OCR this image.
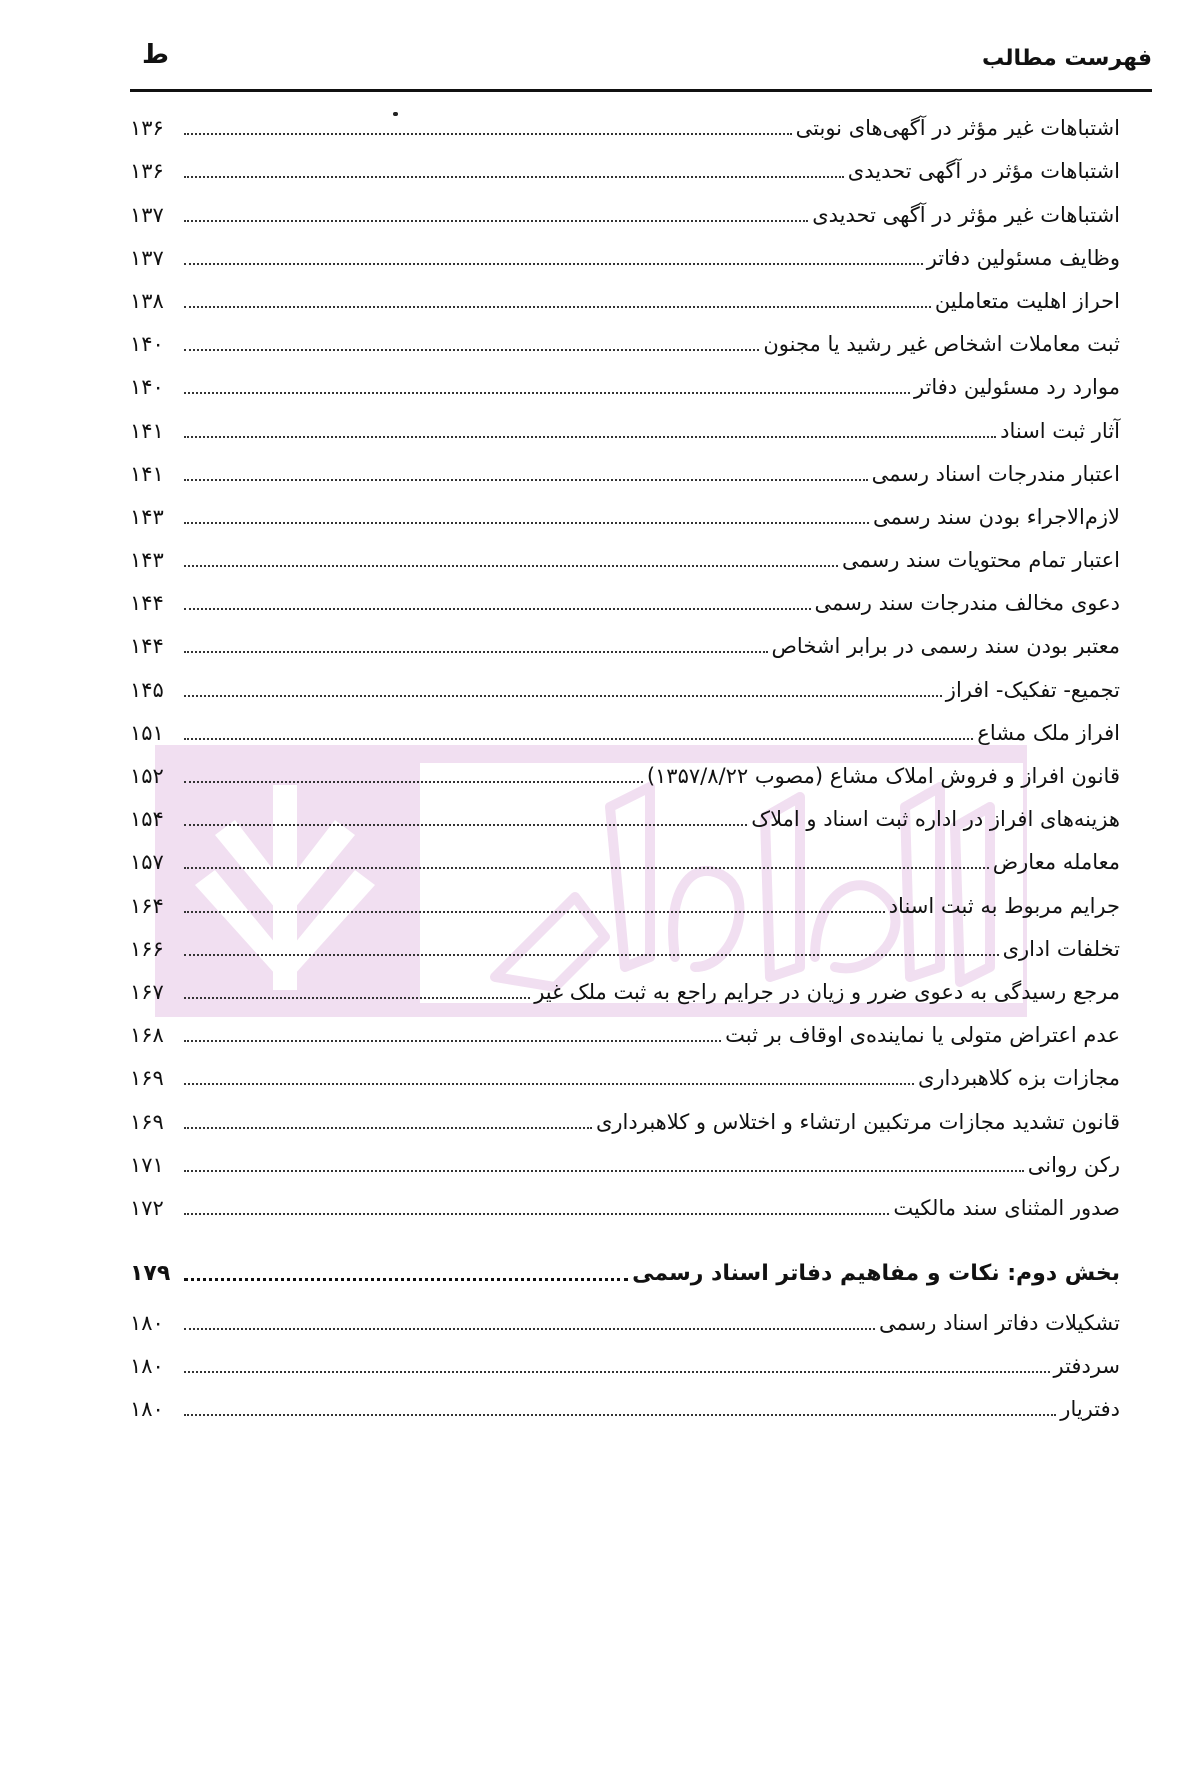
فهرست مطالب
ط
اشتباهات غیر مؤثر در آگهی‌های نوبتی
۱۳۶
اشتباهات مؤثر در آگهی تحدیدی
۱۳۶
اشتباهات غیر مؤثر در آگهی تحدیدی
۱۳۷
وظایف مسئولین دفاتر
۱۳۷
احراز اهلیت متعاملین
۱۳۸
ثبت معاملات اشخاص غیر رشید یا مجنون
۱۴۰
موارد رد مسئولین دفاتر
۱۴۰
آثار ثبت اسناد
۱۴۱
اعتبار مندرجات اسناد رسمی
۱۴۱
لازم‌الاجراء بودن سند رسمی
۱۴۳
اعتبار تمام محتویات سند رسمی
۱۴۳
دعوی مخالف مندرجات سند رسمی
۱۴۴
معتبر بودن سند رسمی در برابر اشخاص
۱۴۴
تجمیع- تفکیک- افراز
۱۴۵
افراز ملک مشاع
۱۵۱
قانون افراز و فروش املاک مشاع (مصوب ۱۳۵۷/۸/۲۲)
۱۵۲
هزینه‌های افراز در اداره ثبت اسناد و املاک
۱۵۴
معامله معارض
۱۵۷
جرایم مربوط به ثبت اسناد
۱۶۴
تخلفات اداری
۱۶۶
مرجع رسیدگی به دعوی ضرر و زیان در جرایم راجع به ثبت ملک غیر
۱۶۷
عدم اعتراض متولی یا نماینده‌ی اوقاف بر ثبت
۱۶۸
مجازات بزه کلاهبرداری
۱۶۹
قانون تشدید مجازات مرتکبین ارتشاء و اختلاس و کلاهبرداری
۱۶۹
رکن روانی
۱۷۱
صدور المثنای سند مالکیت
۱۷۲
بخش دوم: نکات و مفاهیم دفاتر اسناد رسمی
۱۷۹
تشکیلات دفاتر اسناد رسمی
۱۸۰
سردفتر
۱۸۰
دفتریار
۱۸۰
